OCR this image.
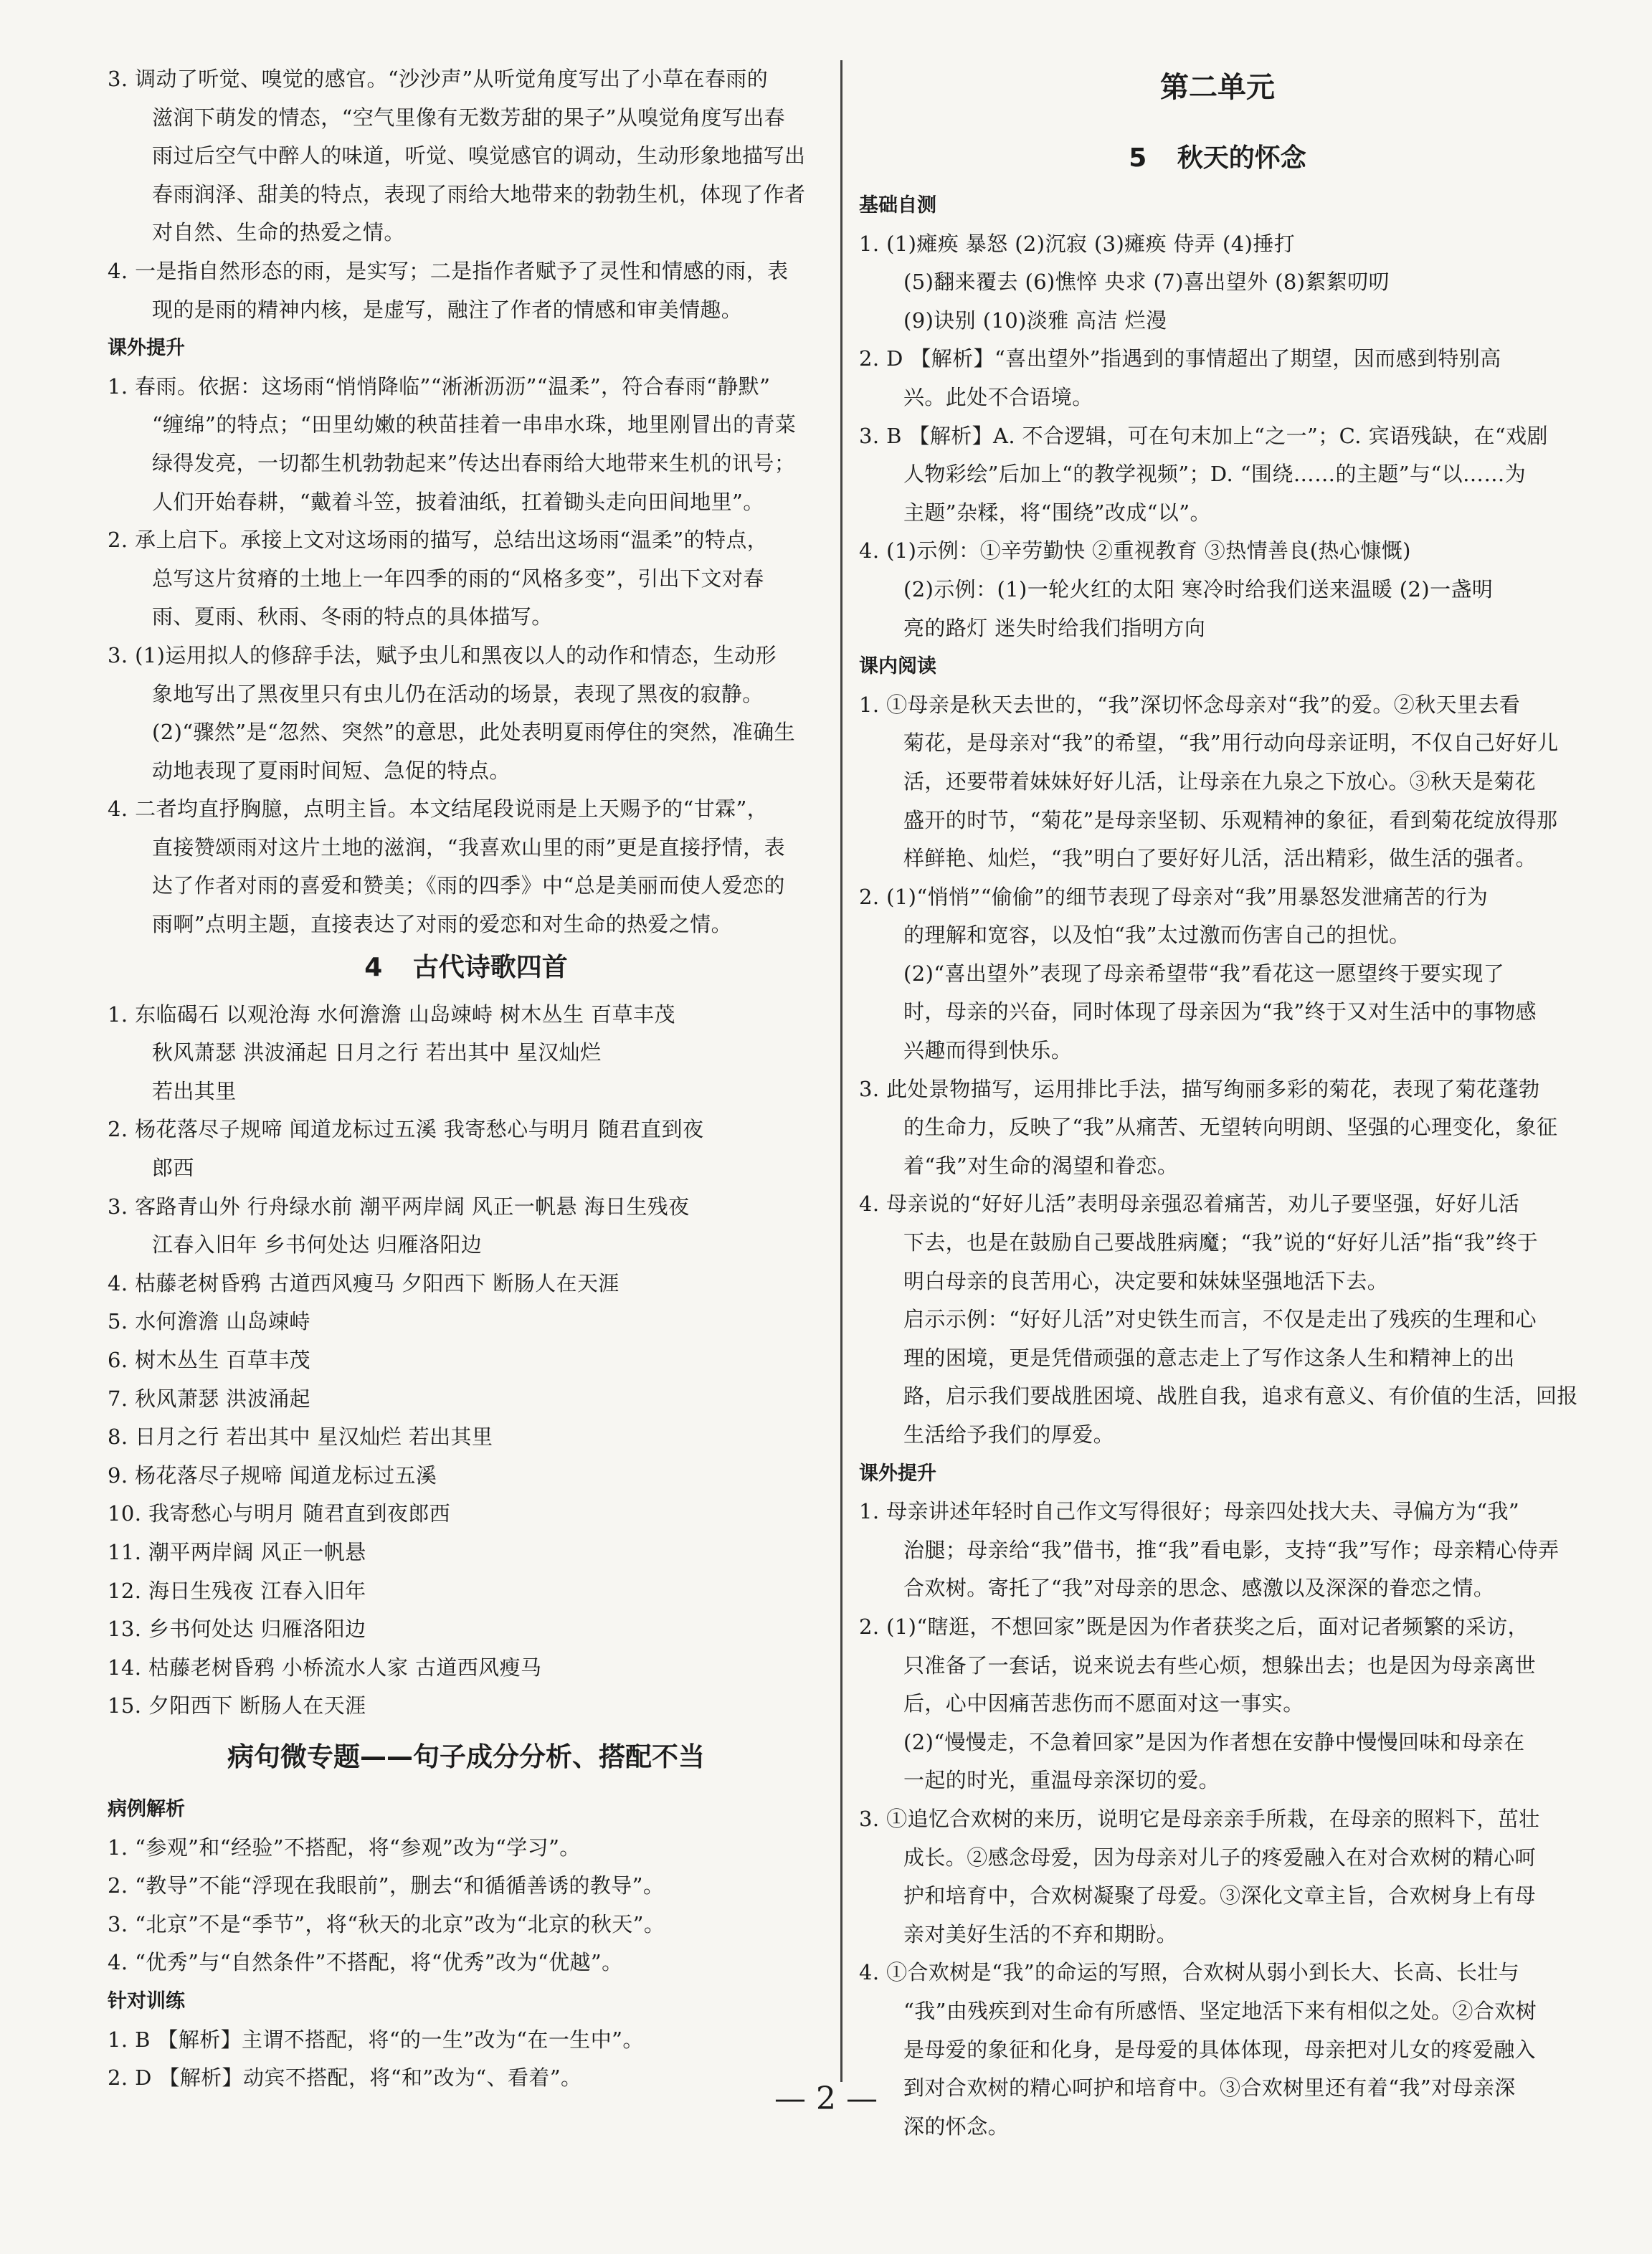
3. 调动了听觉、嗅觉的感官。“沙沙声”从听觉角度写出了小草在春雨的
滋润下萌发的情态，“空气里像有无数芳甜的果子”从嗅觉角度写出春
雨过后空气中醉人的味道，听觉、嗅觉感官的调动，生动形象地描写出
春雨润泽、甜美的特点，表现了雨给大地带来的勃勃生机，体现了作者
对自然、生命的热爱之情。
4. 一是指自然形态的雨，是实写；二是指作者赋予了灵性和情感的雨，表
现的是雨的精神内核，是虚写，融注了作者的情感和审美情趣。
课外提升
1. 春雨。依据：这场雨“悄悄降临”“淅淅沥沥”“温柔”，符合春雨“静默”
“缠绵”的特点；“田里幼嫩的秧苗挂着一串串水珠，地里刚冒出的青菜
绿得发亮，一切都生机勃勃起来”传达出春雨给大地带来生机的讯号；
人们开始春耕，“戴着斗笠，披着油纸，扛着锄头走向田间地里”。
2. 承上启下。承接上文对这场雨的描写，总结出这场雨“温柔”的特点，
总写这片贫瘠的土地上一年四季的雨的“风格多变”，引出下文对春
雨、夏雨、秋雨、冬雨的特点的具体描写。
3. (1)运用拟人的修辞手法，赋予虫儿和黑夜以人的动作和情态，生动形
象地写出了黑夜里只有虫儿仍在活动的场景，表现了黑夜的寂静。
(2)“骤然”是“忽然、突然”的意思，此处表明夏雨停住的突然，准确生
动地表现了夏雨时间短、急促的特点。
4. 二者均直抒胸臆，点明主旨。本文结尾段说雨是上天赐予的“甘霖”，
直接赞颂雨对这片土地的滋润，“我喜欢山里的雨”更是直接抒情，表
达了作者对雨的喜爱和赞美；《雨的四季》中“总是美丽而使人爱恋的
雨啊”点明主题，直接表达了对雨的爱恋和对生命的热爱之情。
4 古代诗歌四首
1. 东临碣石 以观沧海 水何澹澹 山岛竦峙 树木丛生 百草丰茂
秋风萧瑟 洪波涌起 日月之行 若出其中 星汉灿烂
若出其里
2. 杨花落尽子规啼 闻道龙标过五溪 我寄愁心与明月 随君直到夜
郎西
3. 客路青山外 行舟绿水前 潮平两岸阔 风正一帆悬 海日生残夜
江春入旧年 乡书何处达 归雁洛阳边
4. 枯藤老树昏鸦 古道西风瘦马 夕阳西下 断肠人在天涯
5. 水何澹澹 山岛竦峙
6. 树木丛生 百草丰茂
7. 秋风萧瑟 洪波涌起
8. 日月之行 若出其中 星汉灿烂 若出其里
9. 杨花落尽子规啼 闻道龙标过五溪
10. 我寄愁心与明月 随君直到夜郎西
11. 潮平两岸阔 风正一帆悬
12. 海日生残夜 江春入旧年
13. 乡书何处达 归雁洛阳边
14. 枯藤老树昏鸦 小桥流水人家 古道西风瘦马
15. 夕阳西下 断肠人在天涯
病句微专题——句子成分分析、搭配不当
病例解析
1. “参观”和“经验”不搭配，将“参观”改为“学习”。
2. “教导”不能“浮现在我眼前”，删去“和循循善诱的教导”。
3. “北京”不是“季节”，将“秋天的北京”改为“北京的秋天”。
4. “优秀”与“自然条件”不搭配，将“优秀”改为“优越”。
针对训练
1. B 【解析】主谓不搭配，将“的一生”改为“在一生中”。
2. D 【解析】动宾不搭配，将“和”改为“、看着”。
第二单元
5 秋天的怀念
基础自测
1. (1)瘫痪 暴怒 (2)沉寂 (3)瘫痪 侍弄 (4)捶打
(5)翻来覆去 (6)憔悴 央求 (7)喜出望外 (8)絮絮叨叨
(9)诀别 (10)淡雅 高洁 烂漫
2. D 【解析】“喜出望外”指遇到的事情超出了期望，因而感到特别高
兴。此处不合语境。
3. B 【解析】A. 不合逻辑，可在句末加上“之一”；C. 宾语残缺，在“戏剧
人物彩绘”后加上“的教学视频”；D. “围绕……的主题”与“以……为
主题”杂糅，将“围绕”改成“以”。
4. (1)示例：①辛劳勤快 ②重视教育 ③热情善良(热心慷慨)
(2)示例：(1)一轮火红的太阳 寒冷时给我们送来温暖 (2)一盏明
亮的路灯 迷失时给我们指明方向
课内阅读
1. ①母亲是秋天去世的，“我”深切怀念母亲对“我”的爱。②秋天里去看
菊花，是母亲对“我”的希望，“我”用行动向母亲证明，不仅自己好好儿
活，还要带着妹妹好好儿活，让母亲在九泉之下放心。③秋天是菊花
盛开的时节，“菊花”是母亲坚韧、乐观精神的象征，看到菊花绽放得那
样鲜艳、灿烂，“我”明白了要好好儿活，活出精彩，做生活的强者。
2. (1)“悄悄”“偷偷”的细节表现了母亲对“我”用暴怒发泄痛苦的行为
的理解和宽容，以及怕“我”太过激而伤害自己的担忧。
(2)“喜出望外”表现了母亲希望带“我”看花这一愿望终于要实现了
时，母亲的兴奋，同时体现了母亲因为“我”终于又对生活中的事物感
兴趣而得到快乐。
3. 此处景物描写，运用排比手法，描写绚丽多彩的菊花，表现了菊花蓬勃
的生命力，反映了“我”从痛苦、无望转向明朗、坚强的心理变化，象征
着“我”对生命的渴望和眷恋。
4. 母亲说的“好好儿活”表明母亲强忍着痛苦，劝儿子要坚强，好好儿活
下去，也是在鼓励自己要战胜病魔；“我”说的“好好儿活”指“我”终于
明白母亲的良苦用心，决定要和妹妹坚强地活下去。
启示示例：“好好儿活”对史铁生而言，不仅是走出了残疾的生理和心
理的困境，更是凭借顽强的意志走上了写作这条人生和精神上的出
路，启示我们要战胜困境、战胜自我，追求有意义、有价值的生活，回报
生活给予我们的厚爱。
课外提升
1. 母亲讲述年轻时自己作文写得很好；母亲四处找大夫、寻偏方为“我”
治腿；母亲给“我”借书，推“我”看电影，支持“我”写作；母亲精心侍弄
合欢树。寄托了“我”对母亲的思念、感激以及深深的眷恋之情。
2. (1)“瞎逛，不想回家”既是因为作者获奖之后，面对记者频繁的采访，
只准备了一套话，说来说去有些心烦，想躲出去；也是因为母亲离世
后，心中因痛苦悲伤而不愿面对这一事实。
(2)“慢慢走，不急着回家”是因为作者想在安静中慢慢回味和母亲在
一起的时光，重温母亲深切的爱。
3. ①追忆合欢树的来历，说明它是母亲亲手所栽，在母亲的照料下，茁壮
成长。②感念母爱，因为母亲对儿子的疼爱融入在对合欢树的精心呵
护和培育中，合欢树凝聚了母爱。③深化文章主旨，合欢树身上有母
亲对美好生活的不弃和期盼。
4. ①合欢树是“我”的命运的写照，合欢树从弱小到长大、长高、长壮与
“我”由残疾到对生命有所感悟、坚定地活下来有相似之处。②合欢树
是母爱的象征和化身，是母爱的具体体现，母亲把对儿女的疼爱融入
到对合欢树的精心呵护和培育中。③合欢树里还有着“我”对母亲深
深的怀念。
— 2 —
